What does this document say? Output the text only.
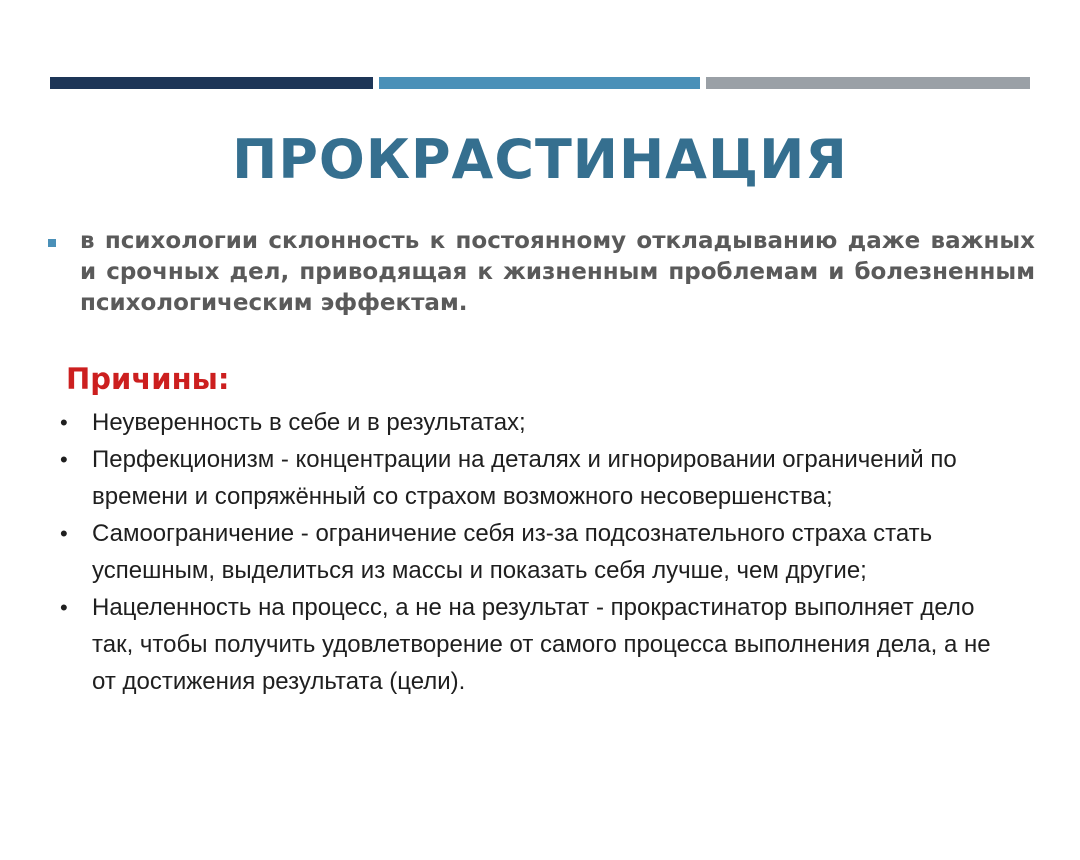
ПРОКРАСТИНАЦИЯ

в психологии склонность к постоянному откладыванию даже важных и срочных дел, приводящая к жизненным проблемам и болезненным психологическим эффектам.

Причины:
• Неуверенность в себе и в результатах;
• Перфекционизм - концентрации на деталях и игнорировании ограничений по времени и сопряжённый со страхом возможного несовершенства;
• Самоограничение - ограничение себя из-за подсознательного страха стать успешным, выделиться из массы и показать себя лучше, чем другие;
• Нацеленность на процесс, а не на результат - прокрастинатор выполняет дело так, чтобы получить удовлетворение от самого процесса выполнения дела, а не от достижения результата (цели).
